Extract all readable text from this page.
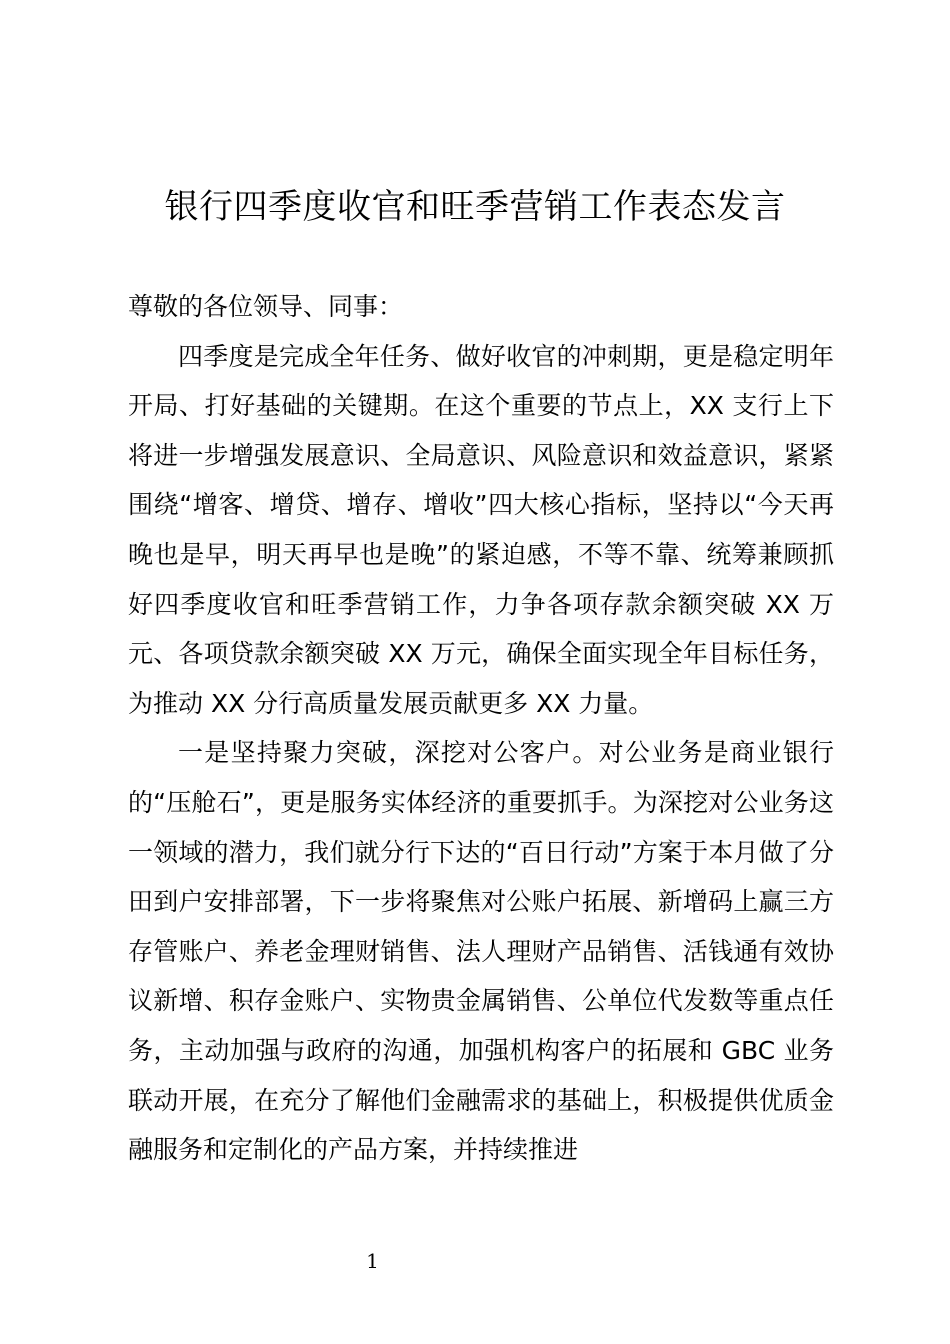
银行四季度收官和旺季营销工作表态发言

尊敬的各位领导、同事：

四季度是完成全年任务、做好收官的冲刺期，更是稳定明年开局、打好基础的关键期。在这个重要的节点上，XX 支行上下将进一步增强发展意识、全局意识、风险意识和效益意识，紧紧围绕“增客、增贷、增存、增收”四大核心指标，坚持以“今天再晚也是早，明天再早也是晚”的紧迫感，不等不靠、统筹兼顾抓好四季度收官和旺季营销工作，力争各项存款余额突破 XX 万元、各项贷款余额突破 XX 万元，确保全面实现全年目标任务，为推动 XX 分行高质量发展贡献更多 XX 力量。

一是坚持聚力突破，深挖对公客户。对公业务是商业银行的“压舱石”，更是服务实体经济的重要抓手。为深挖对公业务这一领域的潜力，我们就分行下达的“百日行动”方案于本月做了分田到户安排部署，下一步将聚焦对公账户拓展、新增码上赢三方存管账户、养老金理财销售、法人理财产品销售、活钱通有效协议新增、积存金账户、实物贵金属销售、公单位代发数等重点任务，主动加强与政府的沟通，加强机构客户的拓展和 GBC 业务联动开展，在充分了解他们金融需求的基础上，积极提供优质金融服务和定制化的产品方案，并持续推进

1
